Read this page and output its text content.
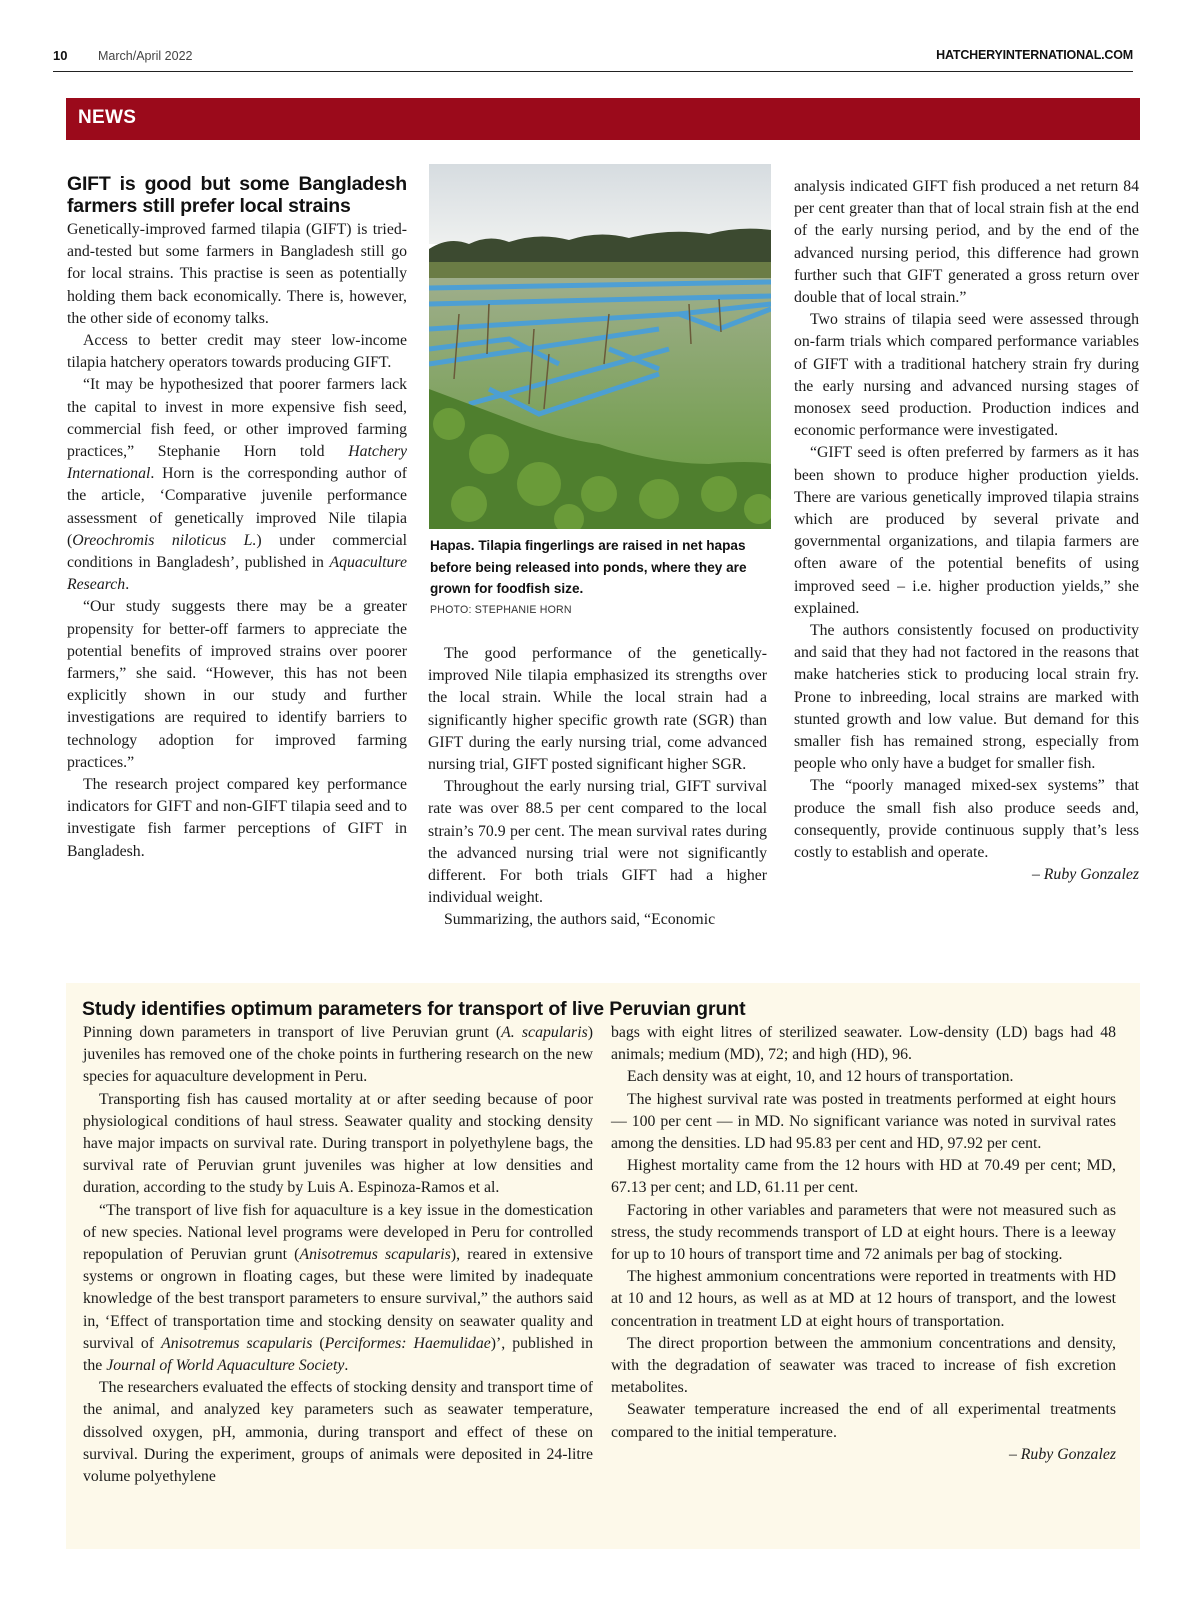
10 March/April 2022	HATCHERYINTERNATIONAL.COM
NEWS
GIFT is good but some Bangladesh farmers still prefer local strains

Genetically-improved farmed tilapia (GIFT) is tried-and-tested but some farmers in Bangladesh still go for local strains. This practise is seen as potentially holding them back economically. There is, however, the other side of economy talks.

Access to better credit may steer low-income tilapia hatchery operators towards producing GIFT.

“It may be hypothesized that poorer farmers lack the capital to invest in more expensive fish seed, commercial fish feed, or other improved farming practices,” Stephanie Horn told Hatchery International. Horn is the corresponding author of the article, ‘Comparative juvenile performance assessment of genetically improved Nile tilapia (Oreochromis niloticus L.) under commercial conditions in Bangladesh’, published in Aquaculture Research.

“Our study suggests there may be a greater propensity for better-off farmers to appreciate the potential benefits of improved strains over poorer farmers,” she said. “However, this has not been explicitly shown in our study and further investigations are required to identify barriers to technology adoption for improved farming practices.”

The research project compared key performance indicators for GIFT and non-GIFT tilapia seed and to investigate fish farmer perceptions of GIFT in Bangladesh.

Hapas. Tilapia fingerlings are raised in net hapas before being released into ponds, where they are grown for foodfish size.
PHOTO: STEPHANIE HORN

The good performance of the genetically-improved Nile tilapia emphasized its strengths over the local strain. While the local strain had a significantly higher specific growth rate (SGR) than GIFT during the early nursing trial, come advanced nursing trial, GIFT posted significant higher SGR.

Throughout the early nursing trial, GIFT survival rate was over 88.5 per cent compared to the local strain’s 70.9 per cent. The mean survival rates during the advanced nursing trial were not significantly different. For both trials GIFT had a higher individual weight.

Summarizing, the authors said, “Economic

analysis indicated GIFT fish produced a net return 84 per cent greater than that of local strain fish at the end of the early nursing period, and by the end of the advanced nursing period, this difference had grown further such that GIFT generated a gross return over double that of local strain.”

Two strains of tilapia seed were assessed through on-farm trials which compared performance variables of GIFT with a traditional hatchery strain fry during the early nursing and advanced nursing stages of monosex seed production. Production indices and economic performance were investigated.

“GIFT seed is often preferred by farmers as it has been shown to produce higher production yields. There are various genetically improved tilapia strains which are produced by several private and governmental organizations, and tilapia farmers are often aware of the potential benefits of using improved seed – i.e. higher production yields,” she explained.

The authors consistently focused on productivity and said that they had not factored in the reasons that make hatcheries stick to producing local strain fry. Prone to inbreeding, local strains are marked with stunted growth and low value. But demand for this smaller fish has remained strong, especially from people who only have a budget for smaller fish.

The “poorly managed mixed-sex systems” that produce the small fish also produce seeds and, consequently, provide continuous supply that’s less costly to establish and operate.

– Ruby Gonzalez

Study identifies optimum parameters for transport of live Peruvian grunt

Pinning down parameters in transport of live Peruvian grunt (A. scapularis) juveniles has removed one of the choke points in furthering research on the new species for aquaculture development in Peru.

Transporting fish has caused mortality at or after seeding because of poor physiological conditions of haul stress. Seawater quality and stocking density have major impacts on survival rate. During transport in polyethylene bags, the survival rate of Peruvian grunt juveniles was higher at low densities and duration, according to the study by Luis A. Espinoza-Ramos et al.

“The transport of live fish for aquaculture is a key issue in the domestication of new species. National level programs were developed in Peru for controlled repopulation of Peruvian grunt (Anisotremus scapularis), reared in extensive systems or ongrown in floating cages, but these were limited by inadequate knowledge of the best transport parameters to ensure survival,” the authors said in, ‘Effect of transportation time and stocking density on seawater quality and survival of Anisotremus scapularis (Perciformes: Haemulidae)’, published in the Journal of World Aquaculture Society.

The researchers evaluated the effects of stocking density and transport time of the animal, and analyzed key parameters such as seawater temperature, dissolved oxygen, pH, ammonia, during transport and effect of these on survival. During the experiment, groups of animals were deposited in 24-litre volume polyethylene

bags with eight litres of sterilized seawater. Low-density (LD) bags had 48 animals; medium (MD), 72; and high (HD), 96.

Each density was at eight, 10, and 12 hours of transportation.

The highest survival rate was posted in treatments performed at eight hours — 100 per cent — in MD. No significant variance was noted in survival rates among the densities. LD had 95.83 per cent and HD, 97.92 per cent.

Highest mortality came from the 12 hours with HD at 70.49 per cent; MD, 67.13 per cent; and LD, 61.11 per cent.

Factoring in other variables and parameters that were not measured such as stress, the study recommends transport of LD at eight hours. There is a leeway for up to 10 hours of transport time and 72 animals per bag of stocking.

The highest ammonium concentrations were reported in treatments with HD at 10 and 12 hours, as well as at MD at 12 hours of transport, and the lowest concentration in treatment LD at eight hours of transportation.

The direct proportion between the ammonium concentrations and density, with the degradation of seawater was traced to increase of fish excretion metabolites.

Seawater temperature increased the end of all experimental treatments compared to the initial temperature.

– Ruby Gonzalez
